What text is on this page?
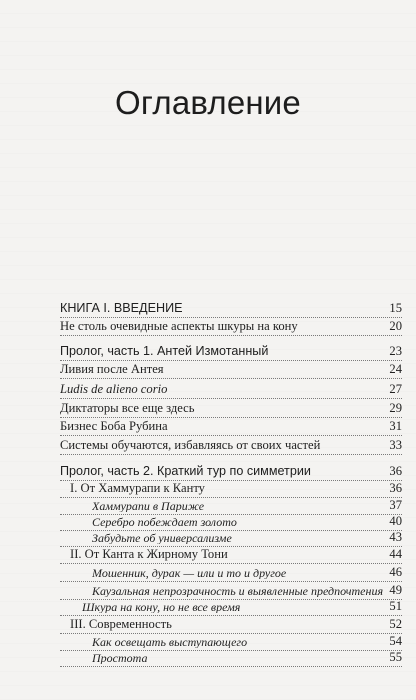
Оглавление
КНИГА I. ВВЕДЕНИЕ	15
Не столь очевидные аспекты шкуры на кону	20
Пролог, часть 1. Антей Измотанный	23
Ливия после Антея	24
Ludis de alieno corio	27
Диктаторы все еще здесь	29
Бизнес Боба Рубина	31
Системы обучаются, избавляясь от своих частей	33
Пролог, часть 2. Краткий тур по симметрии	36
I. От Хаммурапи к Канту	36
Хаммурапи в Париже	37
Серебро побеждает золото	40
Забудьте об универсализме	43
II. От Канта к Жирному Тони	44
Мошенник, дурак — или и то и другое	46
Каузальная непрозрачность и выявленные предпочтения 49
Шкура на кону, но не все время	51
III. Современность	52
Как освещать выступающего	54
Простота	55
